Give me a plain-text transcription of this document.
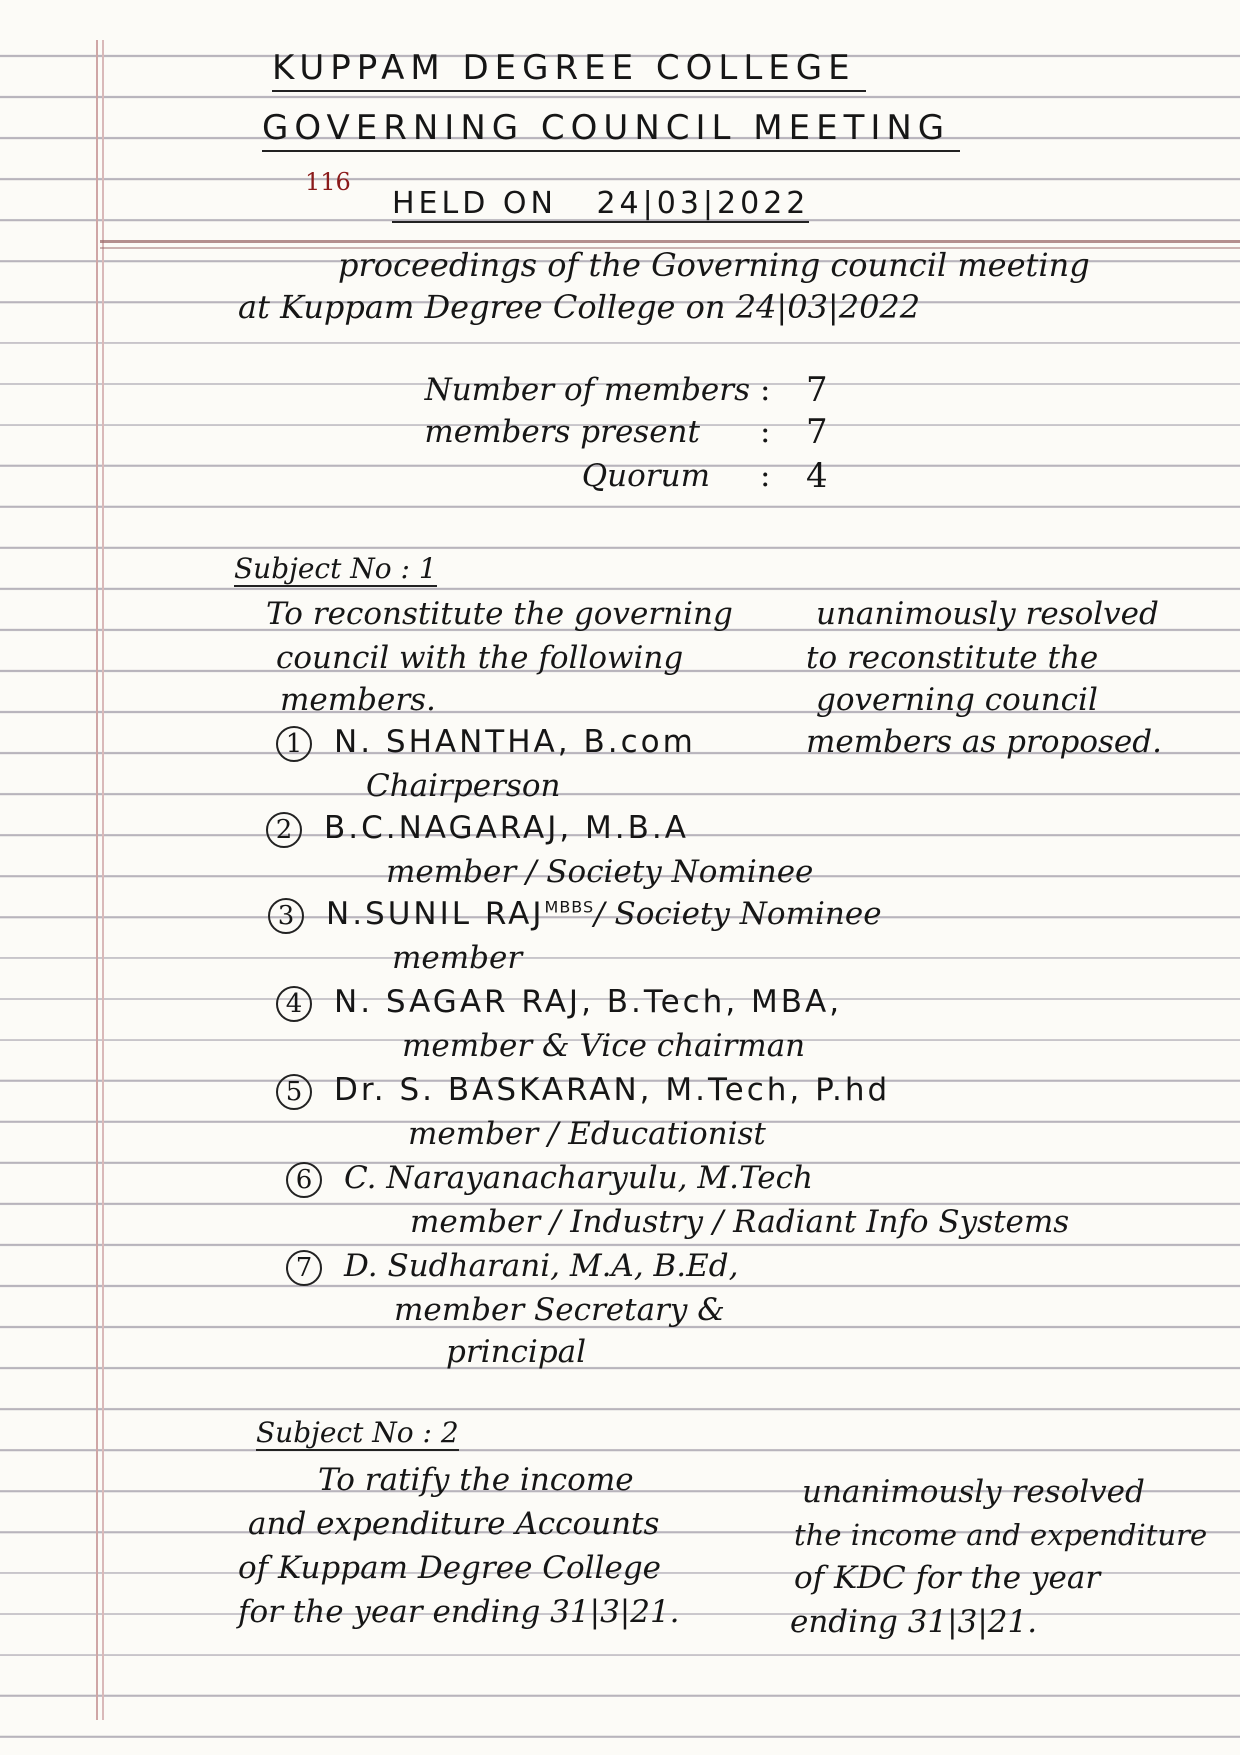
KUPPAM DEGREE COLLEGE
GOVERNING COUNCIL MEETING
116
HELD ON 24|03|2022
proceedings of the Governing council meeting
at Kuppam Degree College on 24|03|2022
Number of members : 7
members present : 7
Quorum : 4
Subject No : 1
To reconstitute the governing
council with the following
members.
unanimously resolved
to reconstitute the
governing council
members as proposed.
1 N. SHANTHA, B.com
Chairperson
2 B.C.NAGARAJ, M.B.A
member / Society Nominee
3 N.SUNIL $RAJ^{MBBS}/$ Society Nominee
member
4 N. SAGAR RAJ, B.Tech, MBA,
member & Vice chairman
5 Dr. S. BASKARAN, M.Tech, P.hd
member / Educationist
6 C. Narayanacharyulu, M.Tech
member / Industry / Radiant Info Systems
7 D. Sudharani, M.A, B.Ed,
member Secretary &
principal
Subject No : 2
To ratify the income
and expenditure Accounts
of Kuppam Degree College
for the year ending 31|3|21.
unanimously resolved
the income and expenditure
of KDC for the year
ending 31|3|21.
